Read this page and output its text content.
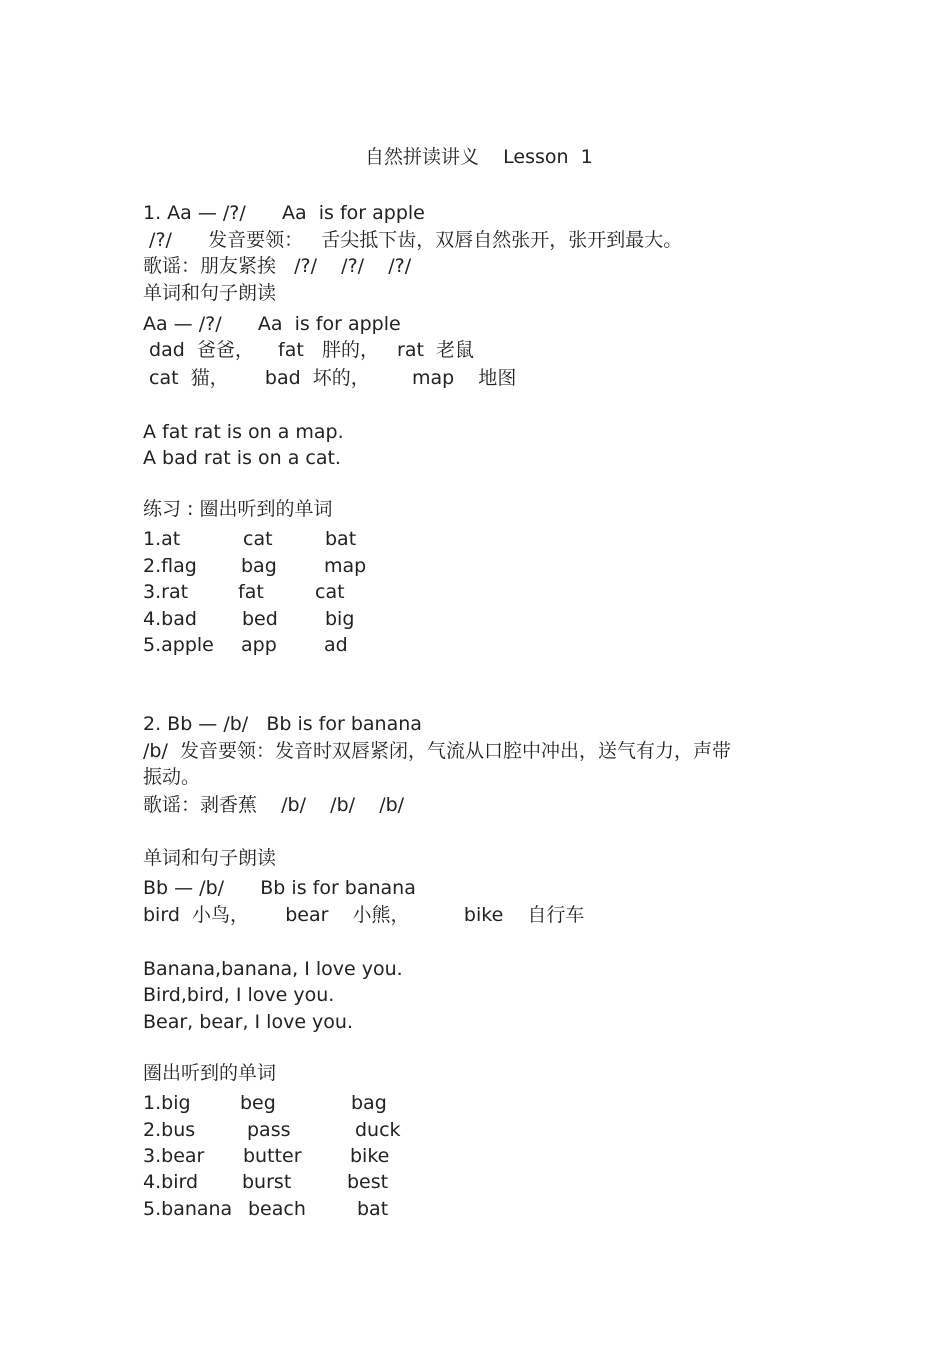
自然拼读讲义    Lesson  1
1. Aa — /?/      Aa  is for apple
/?/      发音要领：   舌尖抵下齿，双唇自然张开，张开到最大。
歌谣：朋友紧挨   /?/    /?/    /?/
单词和句子朗读
Aa — /?/      Aa  is for apple
dad  爸爸，    fat   胖的，   rat  老鼠
cat  猫，      bad  坏的，       map    地图
A fat rat is on a map.
A bad rat is on a cat.
练习 : 圈出听到的单词
1.at	cat	bat
2.flag bag map
3.rat	fat	cat
4.bad bed big
5.apple app ad
2. Bb — /b/   Bb is for banana
/b/  发音要领：发音时双唇紧闭，气流从口腔中冲出，送气有力，声带
振动。
歌谣：剥香蕉    /b/    /b/    /b/
单词和句子朗读
Bb — /b/      Bb is for banana
bird  小鸟，      bear    小熊，         bike    自行车
Banana,banana, I love you.
Bird,bird, I love you.
Bear, bear, I love you.
圈出听到的单词
1.big	beg	bag
2.bus	pass	duck
3.bear butter	bike
4.bird burst	best
5.banana beach	bat
